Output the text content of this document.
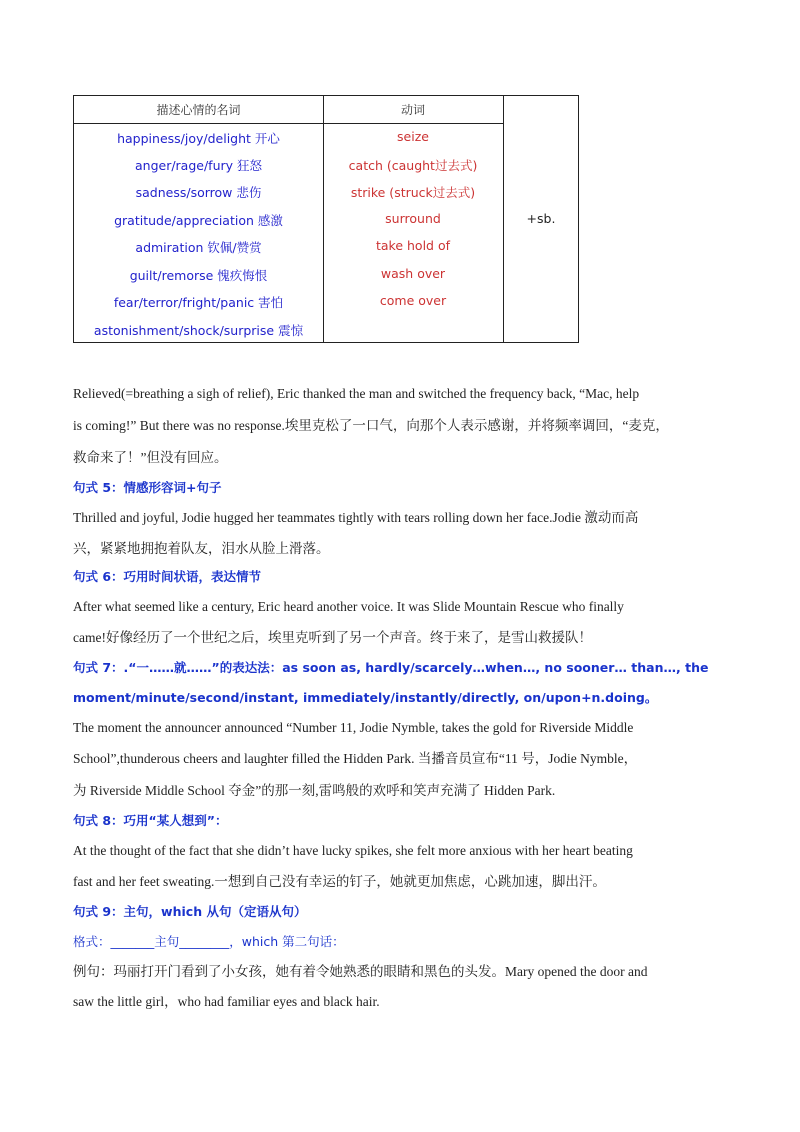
描述心情的名词	动词
happiness/joy/delight 开心
anger/rage/fury 狂怒
sadness/sorrow 悲伤
gratitude/appreciation 感激
admiration 钦佩/赞赏
guilt/remorse 愧疚悔恨
fear/terror/fright/panic 害怕
astonishment/shock/surprise 震惊
seize
catch (caught过去式)
strike (struck过去式)
surround
take hold of
wash over
come over
+sb.
Relieved(=breathing a sigh of relief), Eric thanked the man and switched the frequency back, “Mac, help
is coming!” But there was no response.埃里克松了一口气，向那个人表示感谢，并将频率调回，“麦克，
救命来了！”但没有回应。
句式 5：情感形容词+句子
Thrilled and joyful, Jodie hugged her teammates tightly with tears rolling down her face.Jodie 激动而高
兴，紧紧地拥抱着队友，泪水从脸上滑落。
句式 6：巧用时间状语，表达情节
After what seemed like a century, Eric heard another voice. It was Slide Mountain Rescue who finally
came!好像经历了一个世纪之后，埃里克听到了另一个声音。终于来了，是雪山救援队！
句式 7：.“一……就……”的表达法：as soon as, hardly/scarcely…when…, no sooner… than…, the
moment/minute/second/instant, immediately/instantly/directly, on/upon+n.doing。
The moment the announcer announced “Number 11, Jodie Nymble, takes the gold for Riverside Middle
School”,thunderous cheers and laughter filled the Hidden Park. 当播音员宣布“11 号，Jodie Nymble，
为 Riverside Middle School 夺金”的那一刻,雷鸣般的欢呼和笑声充满了 Hidden Park.
句式 8：巧用“某人想到”：
At the thought of the fact that she didn’t have lucky spikes, she felt more anxious with her heart beating
fast and her feet sweating.一想到自己没有幸运的钉子，她就更加焦虑，心跳加速，脚出汗。
句式 9：主句，which 从句（定语从句）
格式：_______主句________，which 第二句话：
例句：玛丽打开门看到了小女孩，她有着令她熟悉的眼睛和黑色的头发。Mary opened the door and
saw the little girl，who had familiar eyes and black hair.
